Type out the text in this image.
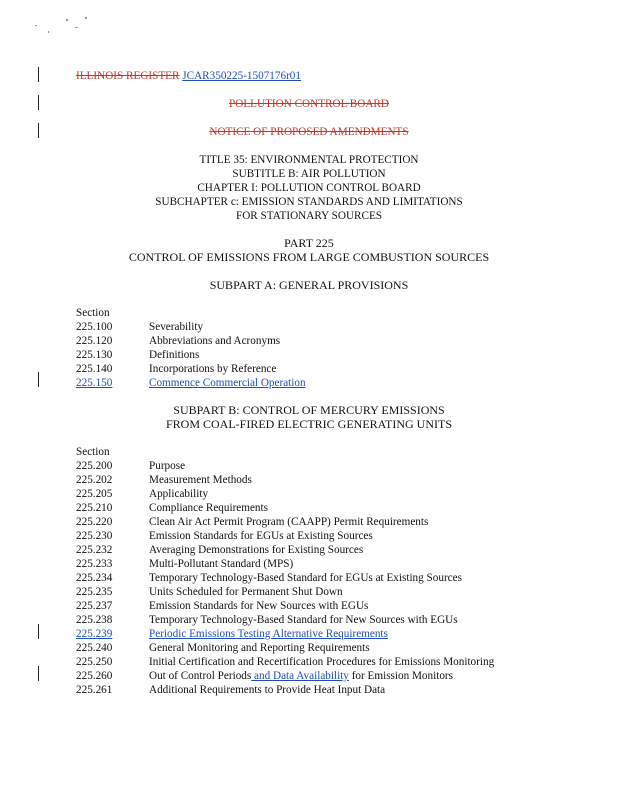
ILLINOIS REGISTER JCAR350225-1507176r01
POLLUTION CONTROL BOARD
NOTICE OF PROPOSED AMENDMENTS
TITLE 35: ENVIRONMENTAL PROTECTION
SUBTITLE B: AIR POLLUTION
CHAPTER I: POLLUTION CONTROL BOARD
SUBCHAPTER c: EMISSION STANDARDS AND LIMITATIONS
FOR STATIONARY SOURCES
PART 225
CONTROL OF EMISSIONS FROM LARGE COMBUSTION SOURCES
SUBPART A: GENERAL PROVISIONS
Section
225.100	Severability
225.120	Abbreviations and Acronyms
225.130	Definitions
225.140	Incorporations by Reference
225.150	Commence Commercial Operation
SUBPART B: CONTROL OF MERCURY EMISSIONS
FROM COAL-FIRED ELECTRIC GENERATING UNITS
Section
225.200	Purpose
225.202	Measurement Methods
225.205	Applicability
225.210	Compliance Requirements
225.220	Clean Air Act Permit Program (CAAPP) Permit Requirements
225.230	Emission Standards for EGUs at Existing Sources
225.232	Averaging Demonstrations for Existing Sources
225.233	Multi-Pollutant Standard (MPS)
225.234	Temporary Technology-Based Standard for EGUs at Existing Sources
225.235	Units Scheduled for Permanent Shut Down
225.237	Emission Standards for New Sources with EGUs
225.238	Temporary Technology-Based Standard for New Sources with EGUs
225.239	Periodic Emissions Testing Alternative Requirements
225.240	General Monitoring and Reporting Requirements
225.250	Initial Certification and Recertification Procedures for Emissions Monitoring
225.260	Out of Control Periods and Data Availability for Emission Monitors
225.261	Additional Requirements to Provide Heat Input Data
